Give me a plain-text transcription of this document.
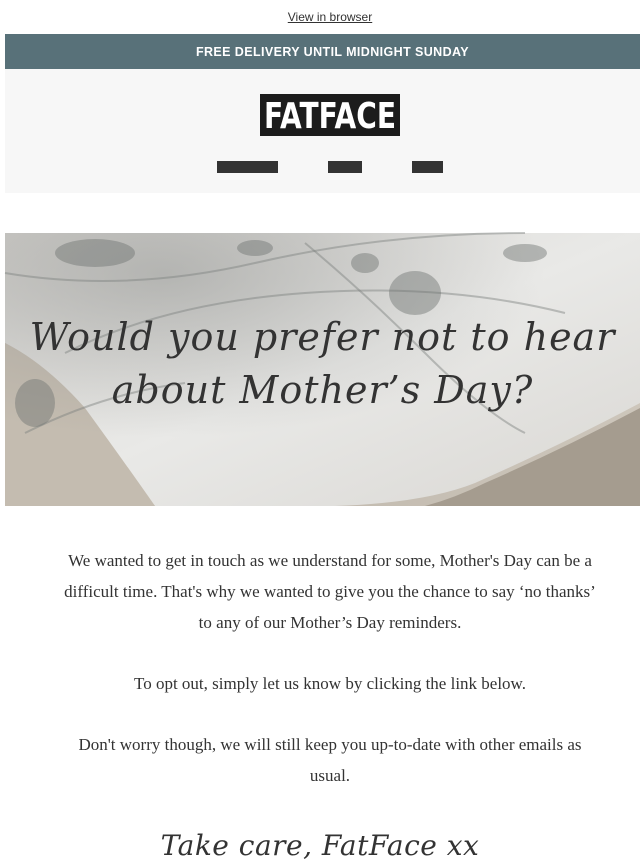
View in browser
FREE DELIVERY UNTIL MIDNIGHT SUNDAY
FATFACE
Would you prefer not to hear
about Mother’s Day?

We wanted to get in touch as we understand for some, Mother's Day can be a difficult time. That's why we wanted to give you the chance to say ‘no thanks’ to any of our Mother’s Day reminders.

To opt out, simply let us know by clicking the link below.

Don't worry though, we will still keep you up-to-date with other emails as usual.

Take care, FatFace xx
